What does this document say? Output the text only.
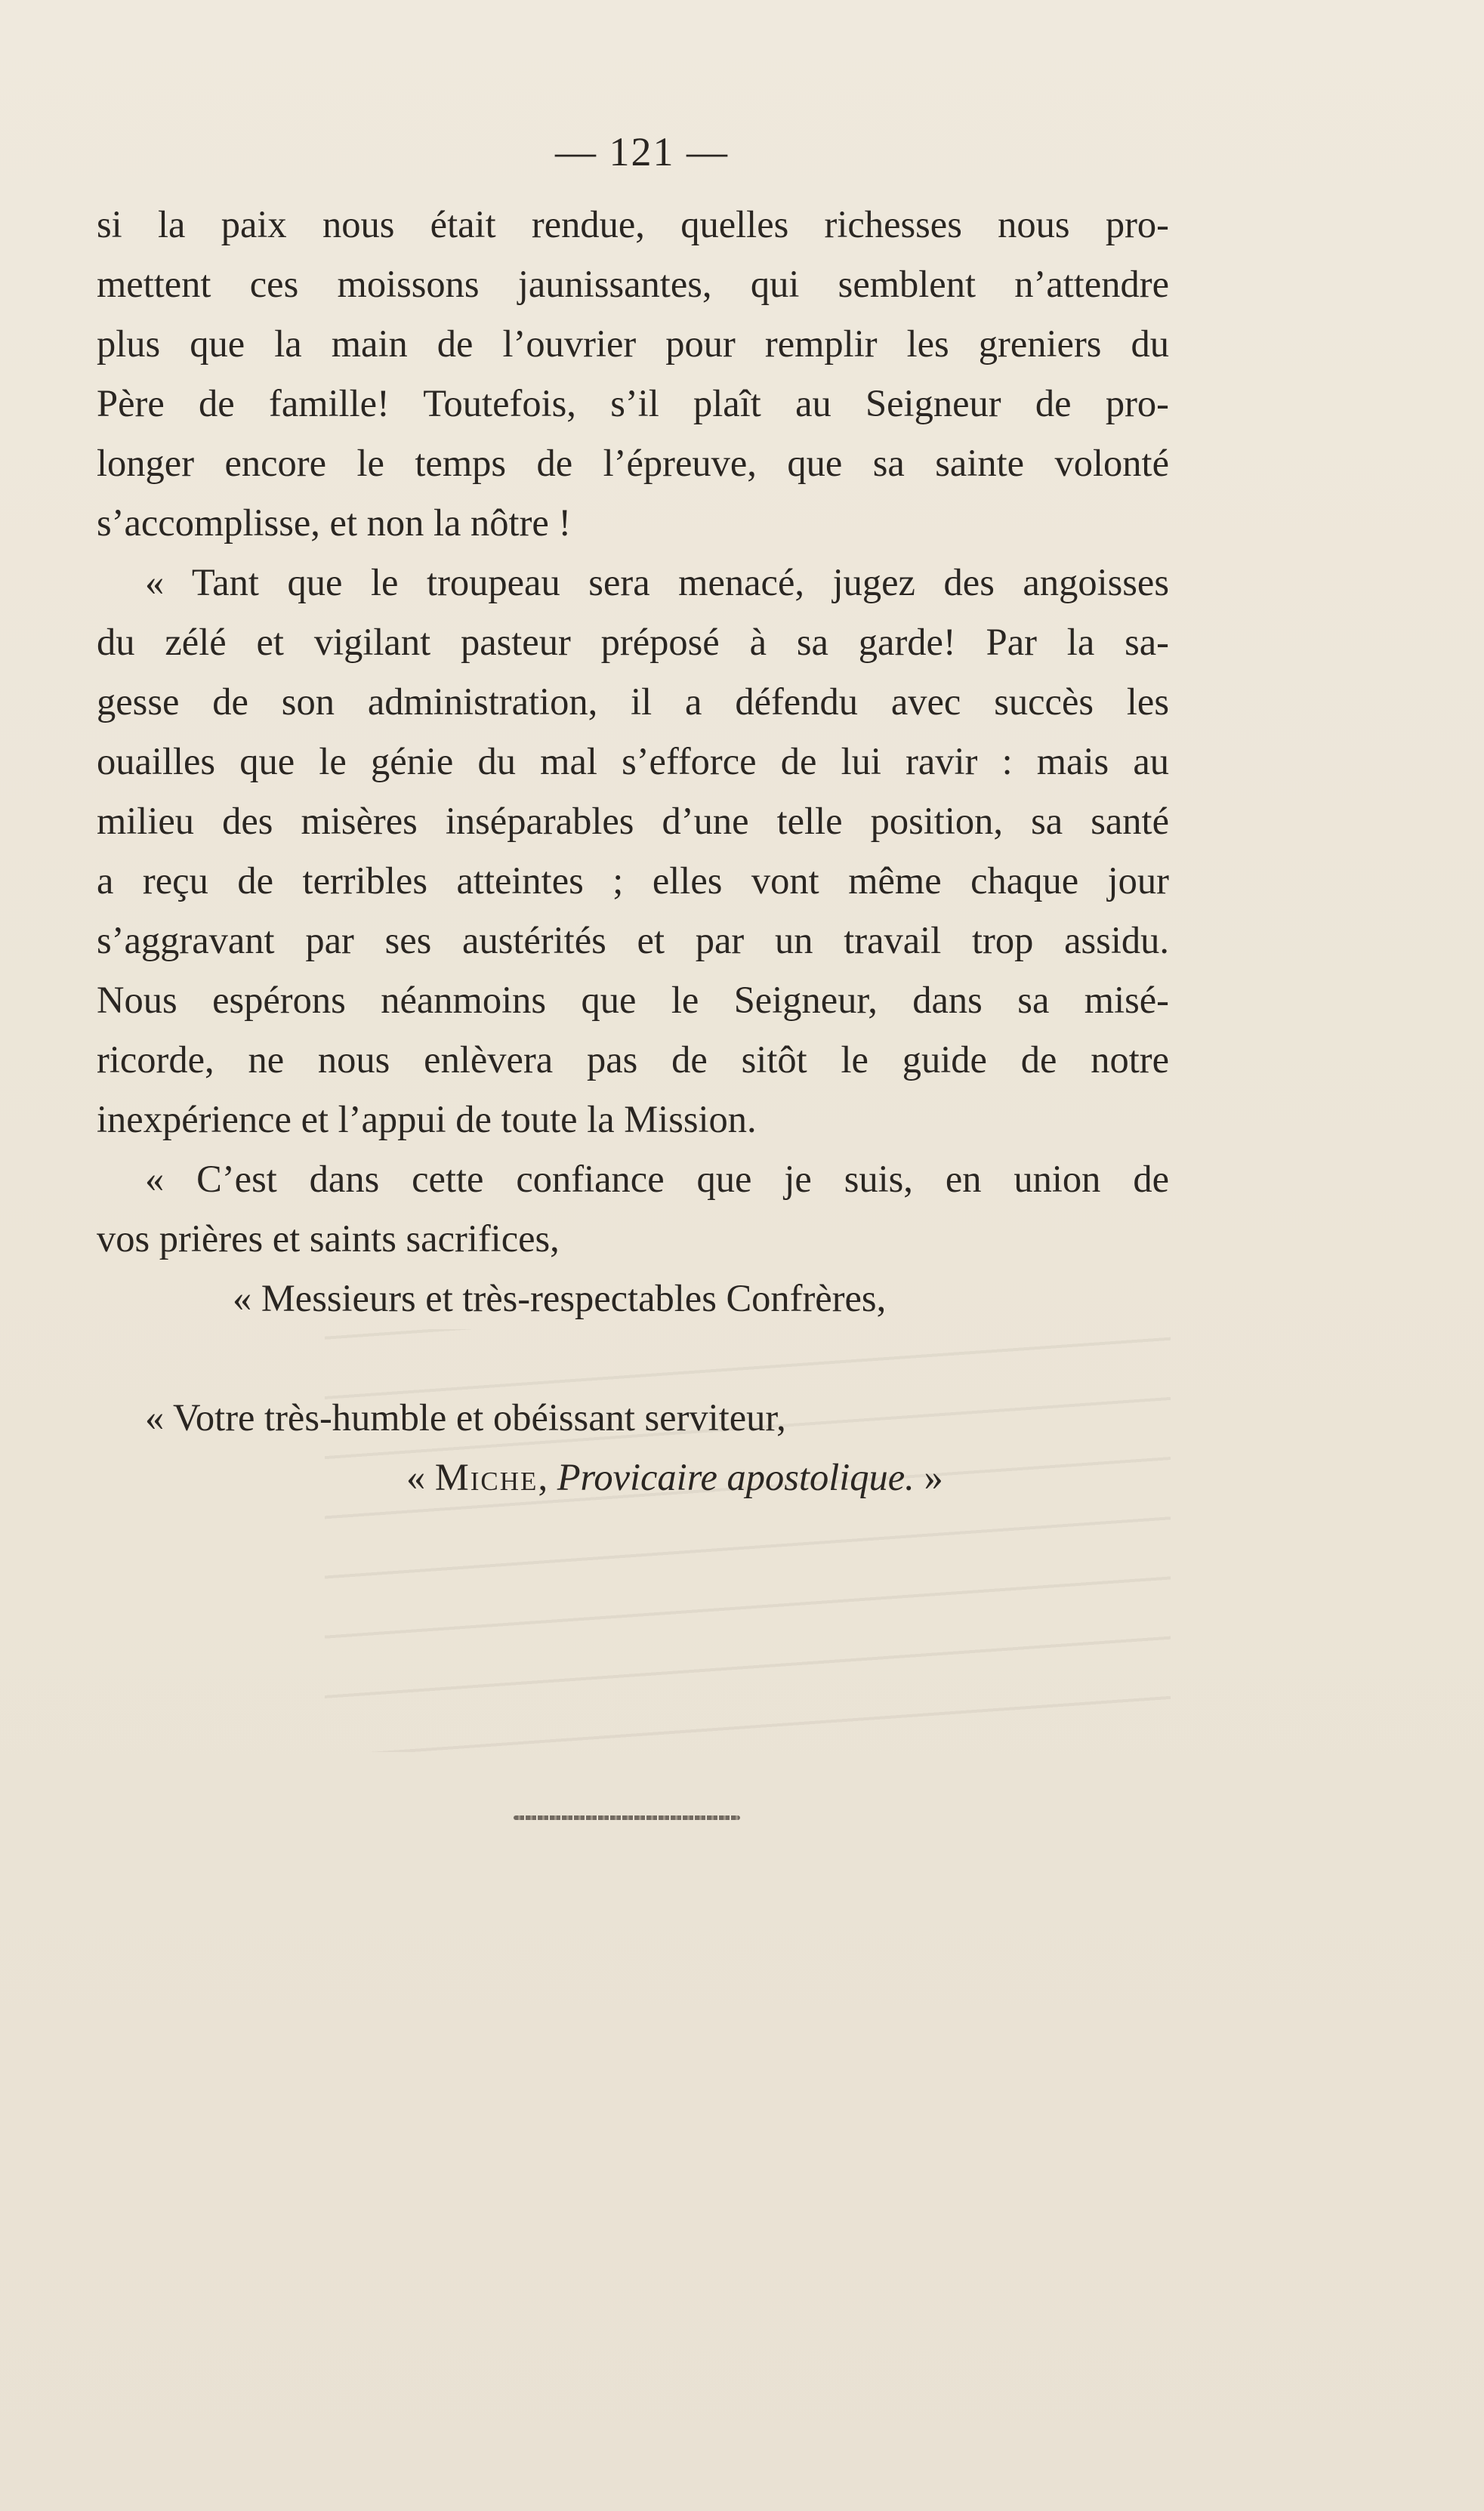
— 121 —
si la paix nous était rendue, quelles richesses nous pro-
mettent ces moissons jaunissantes, qui semblent n’attendre
plus que la main de l’ouvrier pour remplir les greniers du
Père de famille! Toutefois, s’il plaît au Seigneur de pro-
longer encore le temps de l’épreuve, que sa sainte volonté
s’accomplisse, et non la nôtre !
« Tant que le troupeau sera menacé, jugez des angoisses
du zélé et vigilant pasteur préposé à sa garde! Par la sa-
gesse de son administration, il a défendu avec succès les
ouailles que le génie du mal s’efforce de lui ravir : mais au
milieu des misères inséparables d’une telle position, sa santé
a reçu de terribles atteintes ; elles vont même chaque jour
s’aggravant par ses austérités et par un travail trop assidu.
Nous espérons néanmoins que le Seigneur, dans sa misé-
ricorde, ne nous enlèvera pas de sitôt le guide de notre
inexpérience et l’appui de toute la Mission.
« C’est dans cette confiance que je suis, en union de
vos prières et saints sacrifices,
« Messieurs et très-respectables Confrères,
« Votre très-humble et obéissant serviteur,
« Miche, Provicaire apostolique. »
